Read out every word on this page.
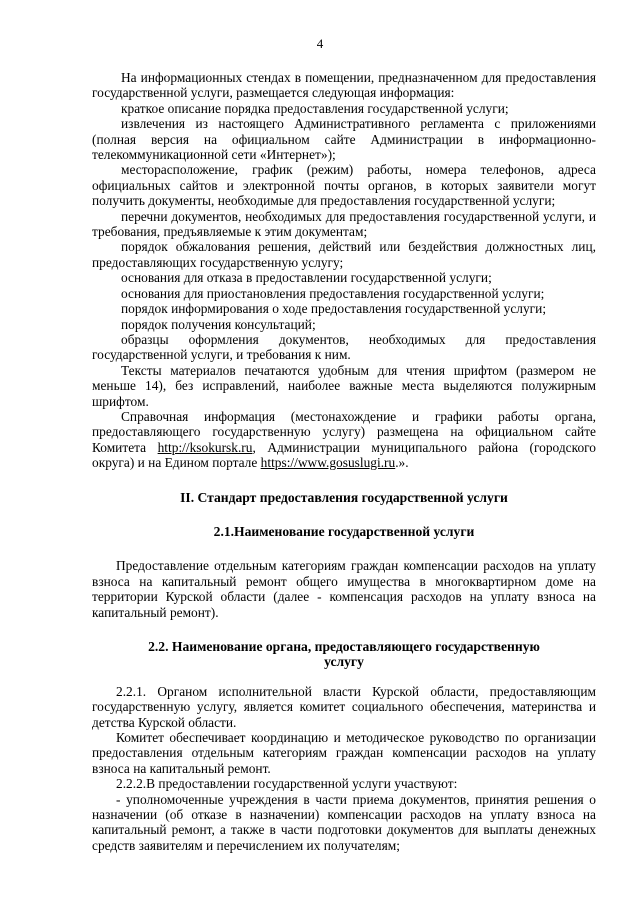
4

На информационных стендах в помещении, предназначенном для предоставления государственной услуги, размещается следующая информация:

краткое описание порядка предоставления государственной услуги;

извлечения из настоящего Административного регламента с приложениями (полная версия на официальном сайте Администрации в информационно-телекоммуникационной сети «Интернет»);

месторасположение, график (режим) работы, номера телефонов, адреса официальных сайтов и электронной почты органов, в которых заявители могут получить документы, необходимые для предоставления государственной услуги;

перечни документов, необходимых для предоставления государственной услуги, и требования, предъявляемые к этим документам;

порядок обжалования решения, действий или бездействия должностных лиц, предоставляющих государственную услугу;

основания для отказа в предоставлении государственной услуги;

основания для приостановления предоставления государственной услуги;

порядок информирования о ходе предоставления государственной услуги;

порядок получения консультаций;

образцы оформления документов, необходимых для предоставления государственной услуги, и требования к ним.

Тексты материалов печатаются удобным для чтения шрифтом (размером не меньше 14), без исправлений, наиболее важные места выделяются полужирным шрифтом.

Справочная информация (местонахождение и графики работы органа, предоставляющего государственную услугу) размещена на официальном сайте Комитета http://ksokursk.ru, Администрации муниципального района (городского округа) и на Едином портале https://www.gosuslugi.ru.».

II. Стандарт предоставления государственной услуги

2.1.Наименование государственной услуги

Предоставление отдельным категориям граждан компенсации расходов на уплату взноса на капитальный ремонт общего имущества в многоквартирном доме на территории Курской области (далее - компенсация расходов на уплату взноса на капитальный ремонт).

2.2. Наименование органа, предоставляющего государственную

услугу

2.2.1. Органом исполнительной власти Курской области, предоставляющим государственную услугу, является комитет социального обеспечения, материнства и детства Курской области.

Комитет обеспечивает координацию и методическое руководство по организации предоставления отдельным категориям граждан компенсации расходов на уплату взноса на капитальный ремонт.

2.2.2.В предоставлении государственной услуги участвуют:

- уполномоченные учреждения в части приема документов, принятия решения о назначении (об отказе в назначении) компенсации расходов на уплату взноса на капитальный ремонт, а также в части подготовки документов для выплаты денежных средств заявителям и перечислением их получателям;
